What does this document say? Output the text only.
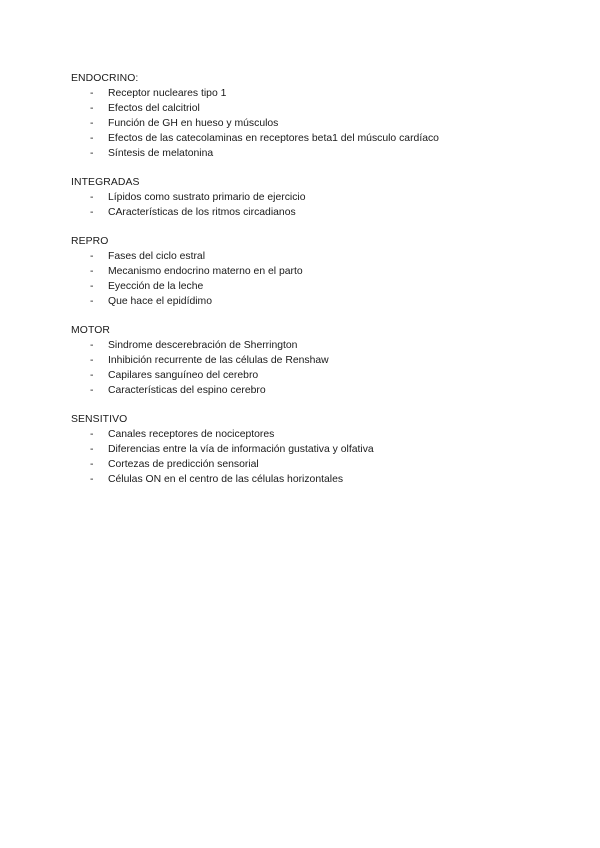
ENDOCRINO:
- Receptor nucleares tipo 1
- Efectos del calcitriol
- Función de GH en hueso y músculos
- Efectos de las catecolaminas en receptores beta1 del músculo cardíaco
- Síntesis de melatonina
INTEGRADAS
- Lípidos como sustrato primario de ejercicio
- CAracterísticas de los ritmos circadianos
REPRO
- Fases del ciclo estral
- Mecanismo endocrino materno en el parto
- Eyección de la leche
- Que hace el epidídimo
MOTOR
- Sindrome descerebración de Sherrington
- Inhibición recurrente de las células de Renshaw
- Capilares sanguíneo del cerebro
- Características del espino cerebro
SENSITIVO
- Canales receptores de nociceptores
- Diferencias entre la vía de información gustativa y olfativa
- Cortezas de predicción sensorial
- Células ON en el centro de las células horizontales
